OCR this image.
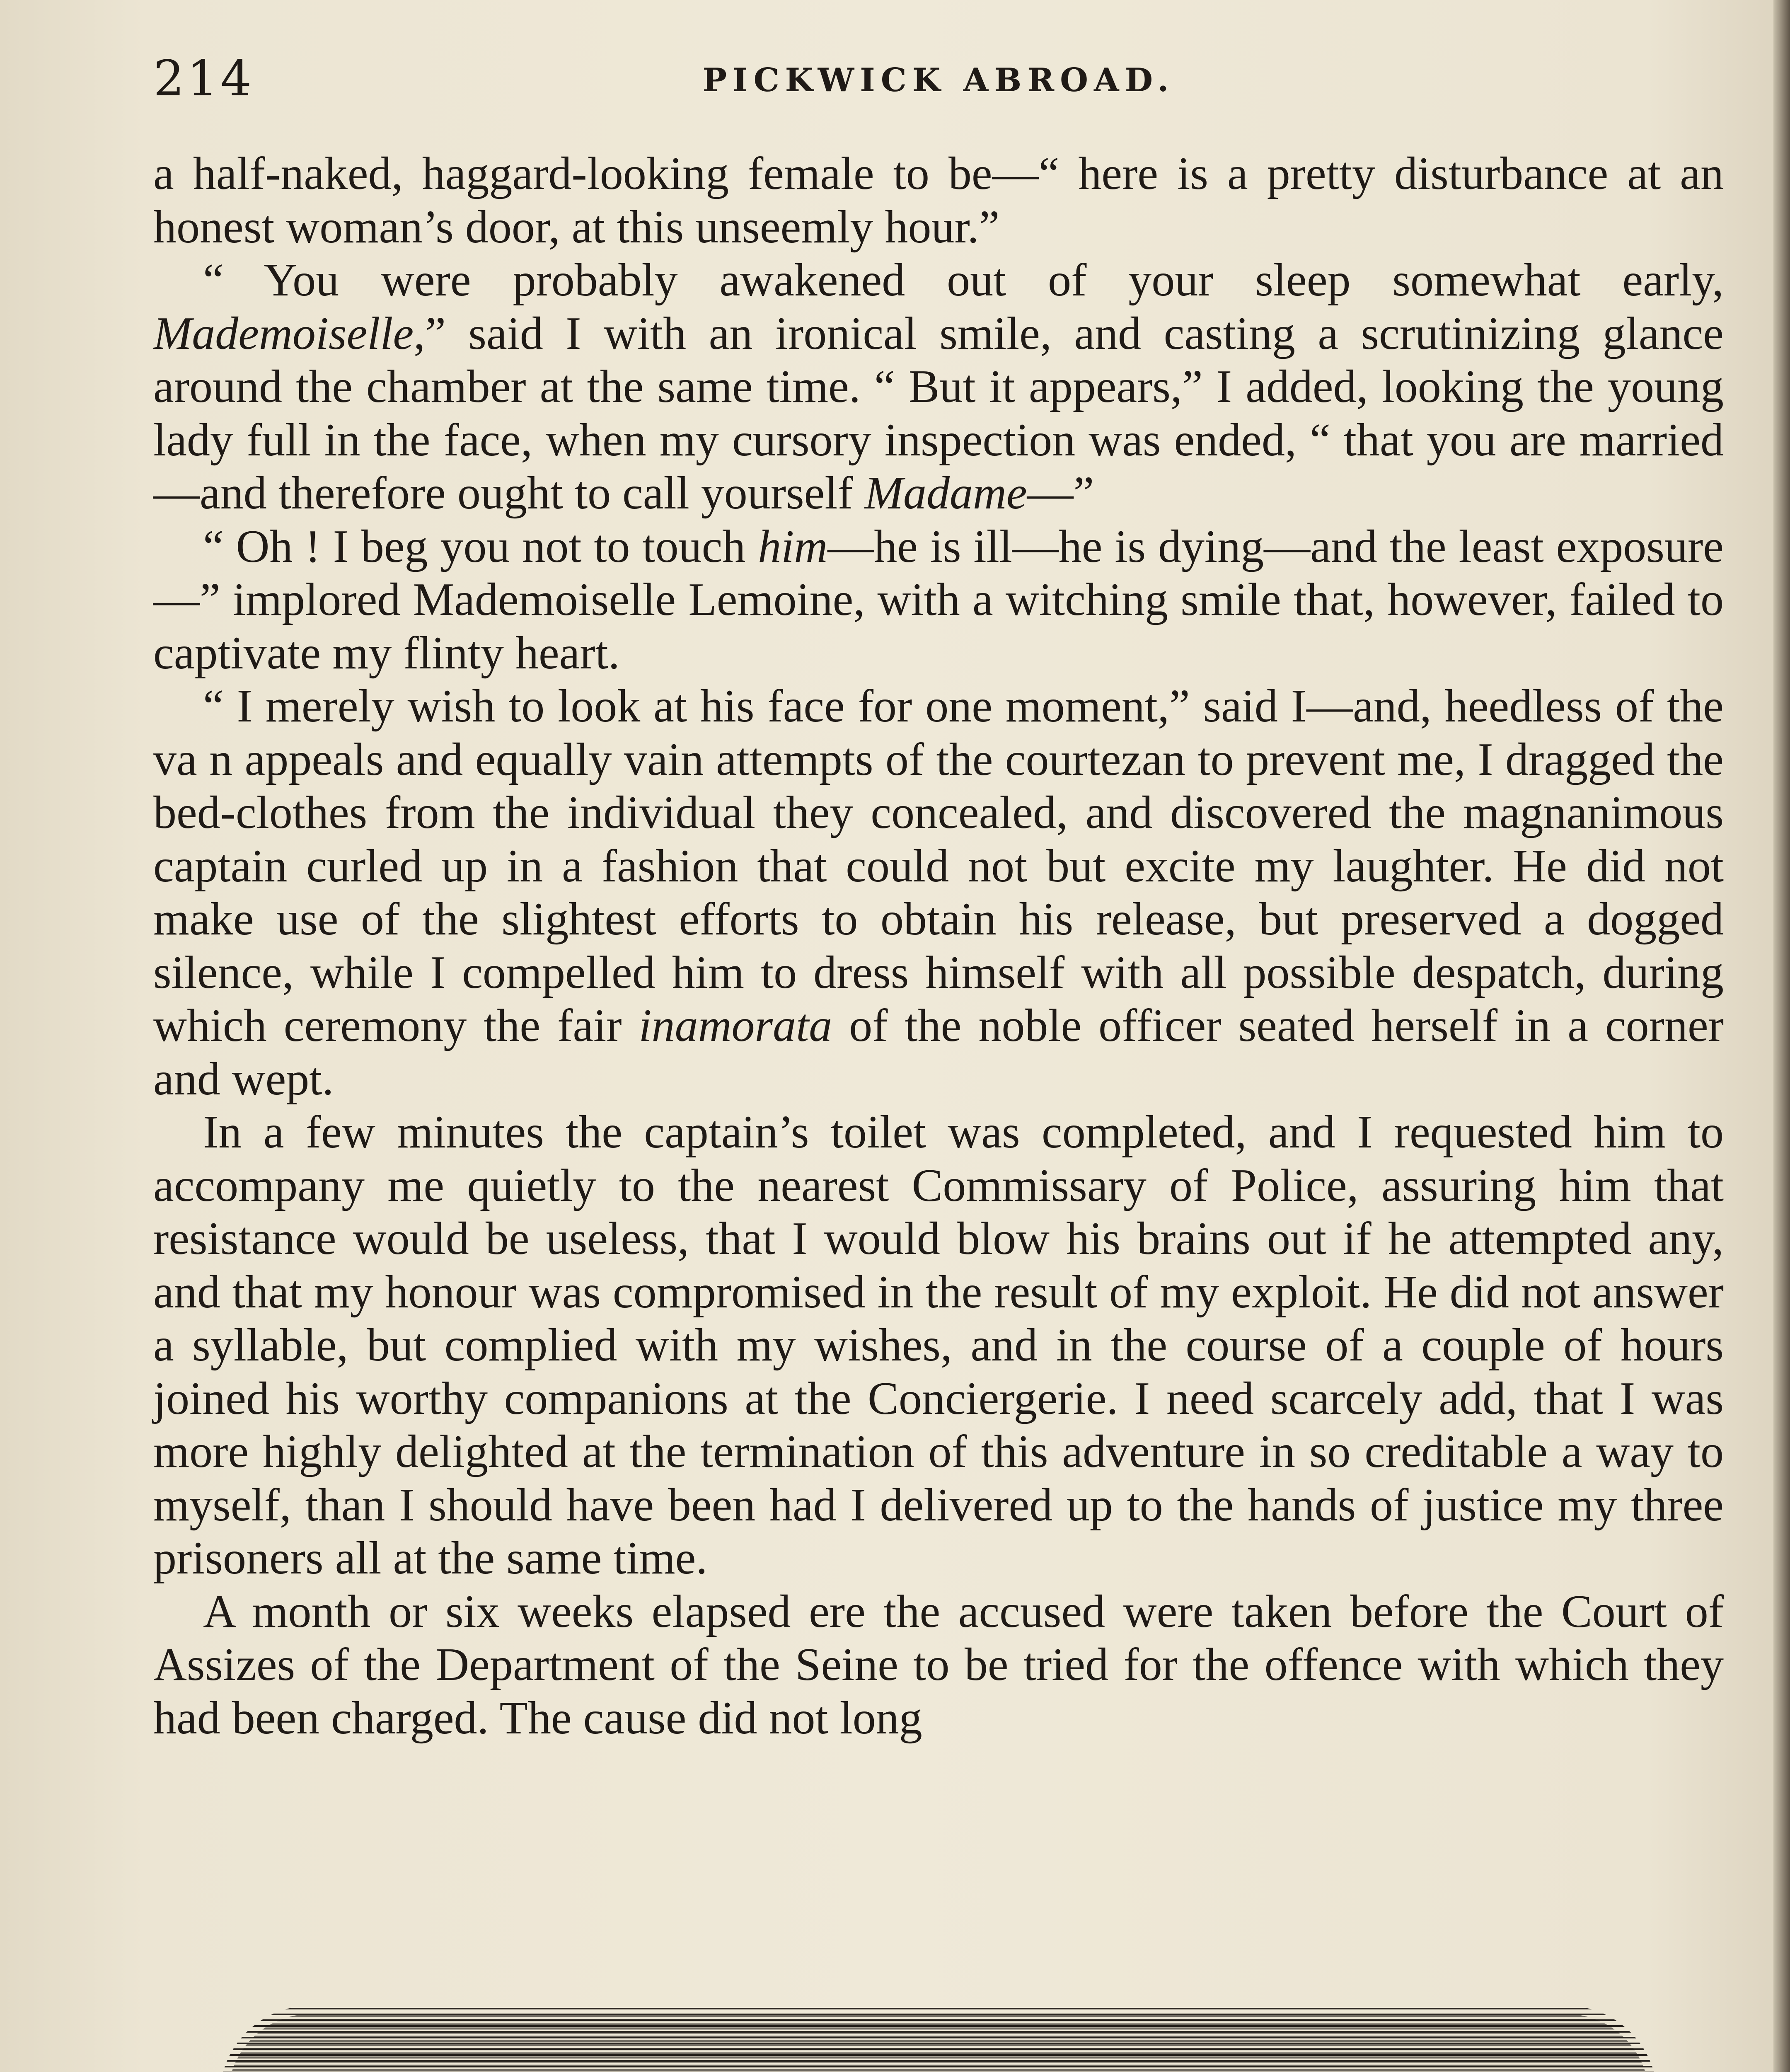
214	PICKWICK ABROAD.

a half-naked, haggard-looking female to be—“ here is a pretty disturbance at an honest woman’s door, at this unseemly hour.”

“ You were probably awakened out of your sleep somewhat early, Mademoiselle,” said I with an ironical smile, and casting a scrutinizing glance around the chamber at the same time. “ But it appears,” I added, looking the young lady full in the face, when my cursory inspection was ended, “ that you are married—and therefore ought to call yourself Madame—”

“ Oh ! I beg you not to touch him—he is ill—he is dying—and the least exposure—” implored Mademoiselle Lemoine, with a witching smile that, however, failed to captivate my flinty heart.

“ I merely wish to look at his face for one moment,” said I—and, heedless of the va n appeals and equally vain attempts of the courtezan to prevent me, I dragged the bed-clothes from the individual they concealed, and discovered the magnanimous captain curled up in a fashion that could not but excite my laughter. He did not make use of the slightest efforts to obtain his release, but preserved a dogged silence, while I compelled him to dress himself with all possible despatch, during which ceremony the fair inamorata of the noble officer seated herself in a corner and wept.

In a few minutes the captain’s toilet was completed, and I requested him to accompany me quietly to the nearest Commissary of Police, assuring him that resistance would be useless, that I would blow his brains out if he attempted any, and that my honour was compromised in the result of my exploit. He did not answer a syllable, but complied with my wishes, and in the course of a couple of hours joined his worthy companions at the Conciergerie. I need scarcely add, that I was more highly delighted at the termination of this adventure in so creditable a way to myself, than I should have been had I delivered up to the hands of justice my three prisoners all at the same time.

A month or six weeks elapsed ere the accused were taken before the Court of Assizes of the Department of the Seine to be tried for the offence with which they had been charged. The cause did not long
